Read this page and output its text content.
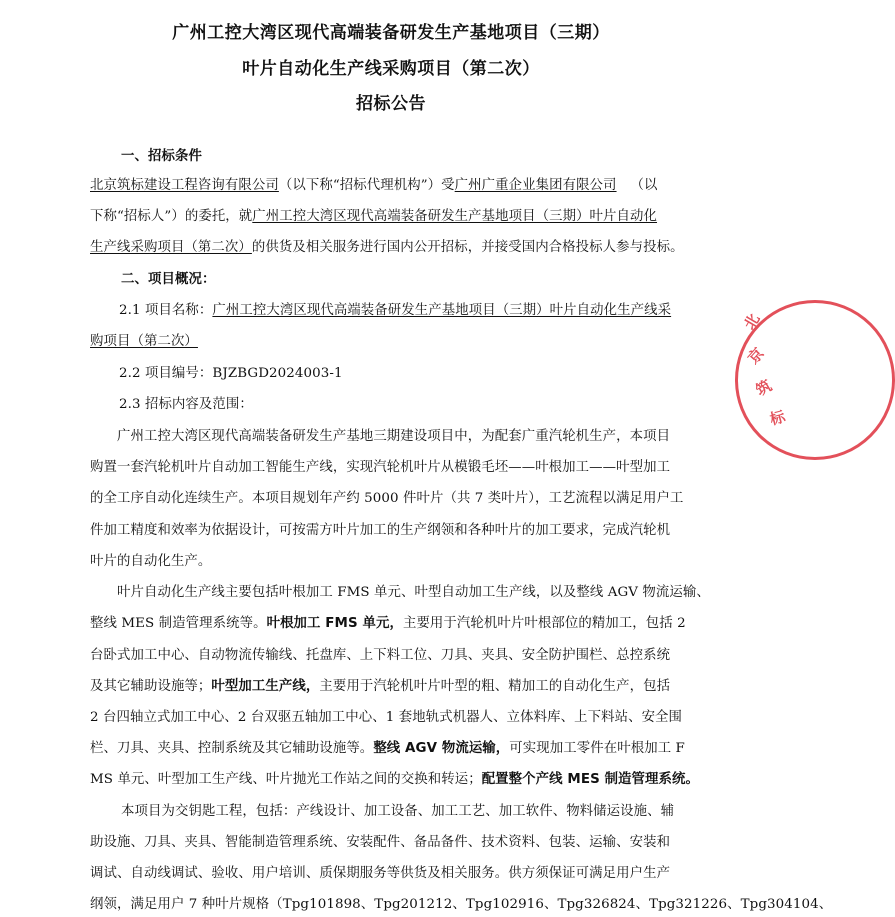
广州工控大湾区现代高端装备研发生产基地项目（三期）
叶片自动化生产线采购项目（第二次）
招标公告
一、招标条件
北京筑标建设工程咨询有限公司（以下称“招标代理机构”）受广州广重企业集团有限公司 （以
下称“招标人”）的委托，就广州工控大湾区现代高端装备研发生产基地项目（三期）叶片自动化
生产线采购项目（第二次）的供货及相关服务进行国内公开招标，并接受国内合格投标人参与投标。
二、项目概况：
2.1 项目名称：广州工控大湾区现代高端装备研发生产基地项目（三期）叶片自动化生产线采
购项目（第二次）
2.2 项目编号：BJZBGD2024003-1
2.3 招标内容及范围：
广州工控大湾区现代高端装备研发生产基地三期建设项目中，为配套广重汽轮机生产，本项目
购置一套汽轮机叶片自动加工智能生产线，实现汽轮机叶片从模锻毛坯——叶根加工——叶型加工
的全工序自动化连续生产。本项目规划年产约 5000 件叶片（共 7 类叶片），工艺流程以满足用户工
件加工精度和效率为依据设计，可按需方叶片加工的生产纲领和各种叶片的加工要求，完成汽轮机
叶片的自动化生产。
叶片自动化生产线主要包括叶根加工 FMS 单元、叶型自动加工生产线，以及整线 AGV 物流运输、
整线 MES 制造管理系统等。叶根加工 FMS 单元，主要用于汽轮机叶片叶根部位的精加工，包括 2
台卧式加工中心、自动物流传输线、托盘库、上下料工位、刀具、夹具、安全防护围栏、总控系统
及其它辅助设施等；叶型加工生产线，主要用于汽轮机叶片叶型的粗、精加工的自动化生产，包括
2 台四轴立式加工中心、2 台双驱五轴加工中心、1 套地轨式机器人、立体料库、上下料站、安全围
栏、刀具、夹具、控制系统及其它辅助设施等。整线 AGV 物流运输，可实现加工零件在叶根加工 F
MS 单元、叶型加工生产线、叶片抛光工作站之间的交换和转运；配置整个产线 MES 制造管理系统。
本项目为交钥匙工程，包括：产线设计、加工设备、加工工艺、加工软件、物料储运设施、辅
助设施、刀具、夹具、智能制造管理系统、安装配件、备品备件、技术资料、包装、运输、安装和
调试、自动线调试、验收、用户培训、质保期服务等供货及相关服务。供方须保证可满足用户生产
纲领，满足用户 7 种叶片规格（Tpg101898、Tpg201212、Tpg102916、Tpg326824、Tpg321226、Tpg304104、
北
京
筑
标
